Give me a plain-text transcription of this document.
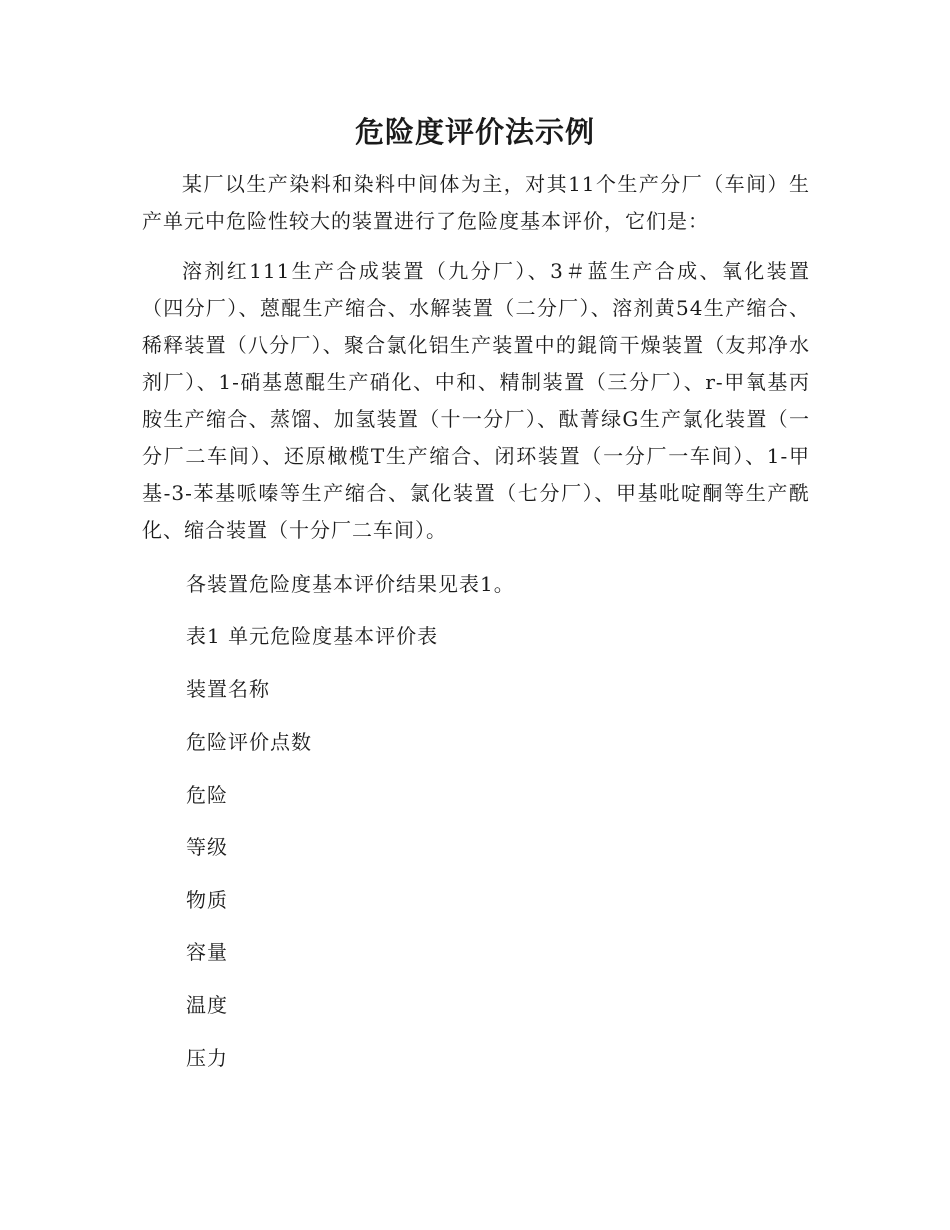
危险度评价法示例
某厂以生产染料和染料中间体为主，对其11个生产分厂（车间）生产单元中危险性较大的装置进行了危险度基本评价，它们是：
溶剂红111生产合成装置（九分厂）、3＃蓝生产合成、氧化装置（四分厂）、蒽醌生产缩合、水解装置（二分厂）、溶剂黄54生产缩合、稀释装置（八分厂）、聚合氯化铝生产装置中的錕筒干燥装置（友邦净水剂厂）、1-硝基蒽醌生产硝化、中和、精制装置（三分厂）、r-甲氧基丙胺生产缩合、蒸馏、加氢装置（十一分厂）、酞菁绿G生产氯化装置（一分厂二车间）、还原橄榄T生产缩合、闭环装置（一分厂一车间）、1-甲基-3-苯基哌嗪等生产缩合、氯化装置（七分厂）、甲基吡啶酮等生产酰化、缩合装置（十分厂二车间）。
各装置危险度基本评价结果见表1。
表1 单元危险度基本评价表
装置名称
危险评价点数
危险
等级
物质
容量
温度
压力
